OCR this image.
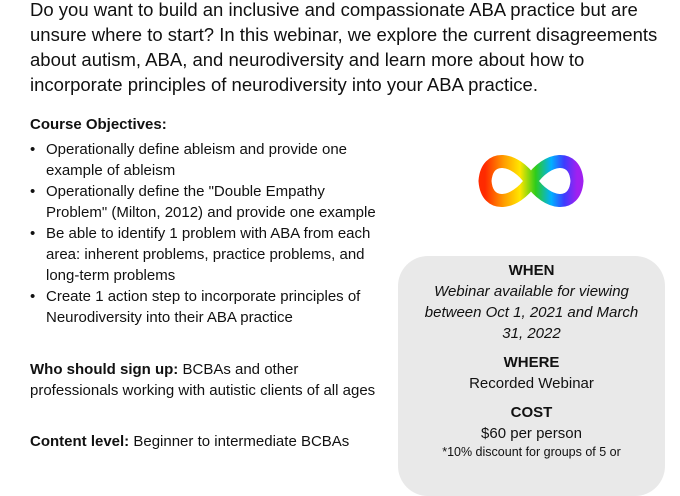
Do you want to build an inclusive and compassionate ABA practice but are unsure where to start? In this webinar, we explore the current disagreements about autism, ABA, and neurodiversity and learn more about how to incorporate principles of neurodiversity into your ABA practice.

Course Objectives:

• Operationally define ableism and provide one example of ableism
• Operationally define the "Double Empathy Problem" (Milton, 2012) and provide one example
• Be able to identify 1 problem with ABA from each area: inherent problems, practice problems, and long-term problems
• Create 1 action step to incorporate principles of Neurodiversity into their ABA practice

Who should sign up: BCBAs and other professionals working with autistic clients of all ages

Content level: Beginner to intermediate BCBAs

WHEN
Webinar available for viewing between Oct 1, 2021 and March 31, 2022
WHERE
Recorded Webinar
COST
$60 per person
*10% discount for groups of 5 or
